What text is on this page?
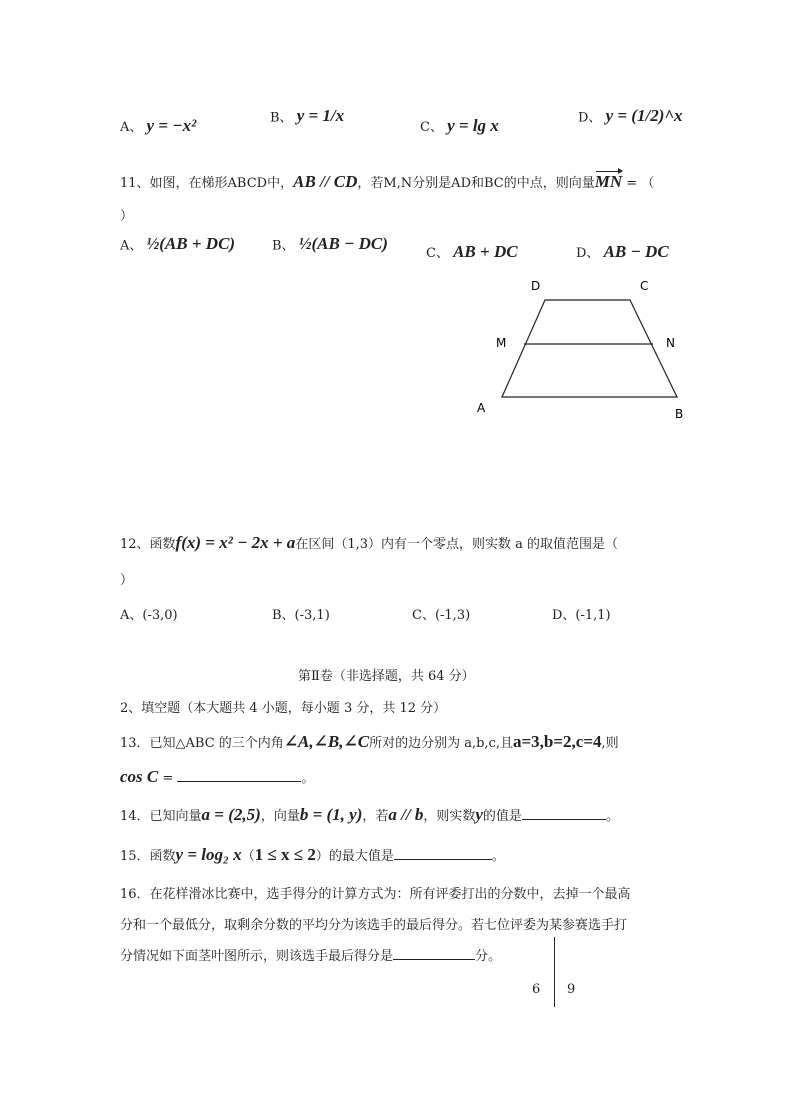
A、 y = −x²	B、 y = 1/x
C、 y = lg x	D、 y = (1/2)^x
11、如图，在梯形ABCD中，AB // CD，若M,N分别是AD和BC的中点，则向量MN = （
）
A、 ½(AB + DC)	B、 ½(AB − DC)
C、 AB + DC	D、 AB − DC
D	C
M	N
A	B
12、函数f(x) = x² − 2x + a在区间（1,3）内有一个零点，则实数 a 的取值范围是（
）
A、(-3,0)	B、(-3,1)	C、(-1,3)	D、(-1,1)
第Ⅱ卷（非选择题，共 64 分）
2、填空题（本大题共 4 小题，每小题 3 分，共 12 分）
13．已知△ABC 的三个内角∠A,∠B,∠C所对的边分别为 a,b,c,且a=3,b=2,c=4,则
cos C =	。
14．已知向量a = (2,5)，向量b = (1, y)，若a // b，则实数y的值是	。
15．函数y = log₂ x（1 ≤ x ≤ 2）的最大值是	。
16．在花样滑冰比赛中，选手得分的计算方式为：所有评委打出的分数中，去掉一个最高
分和一个最低分，取剩余分数的平均分为该选手的最后得分。若七位评委为某参赛选手打
分情况如下面茎叶图所示，则该选手最后得分是	分。
6 9
